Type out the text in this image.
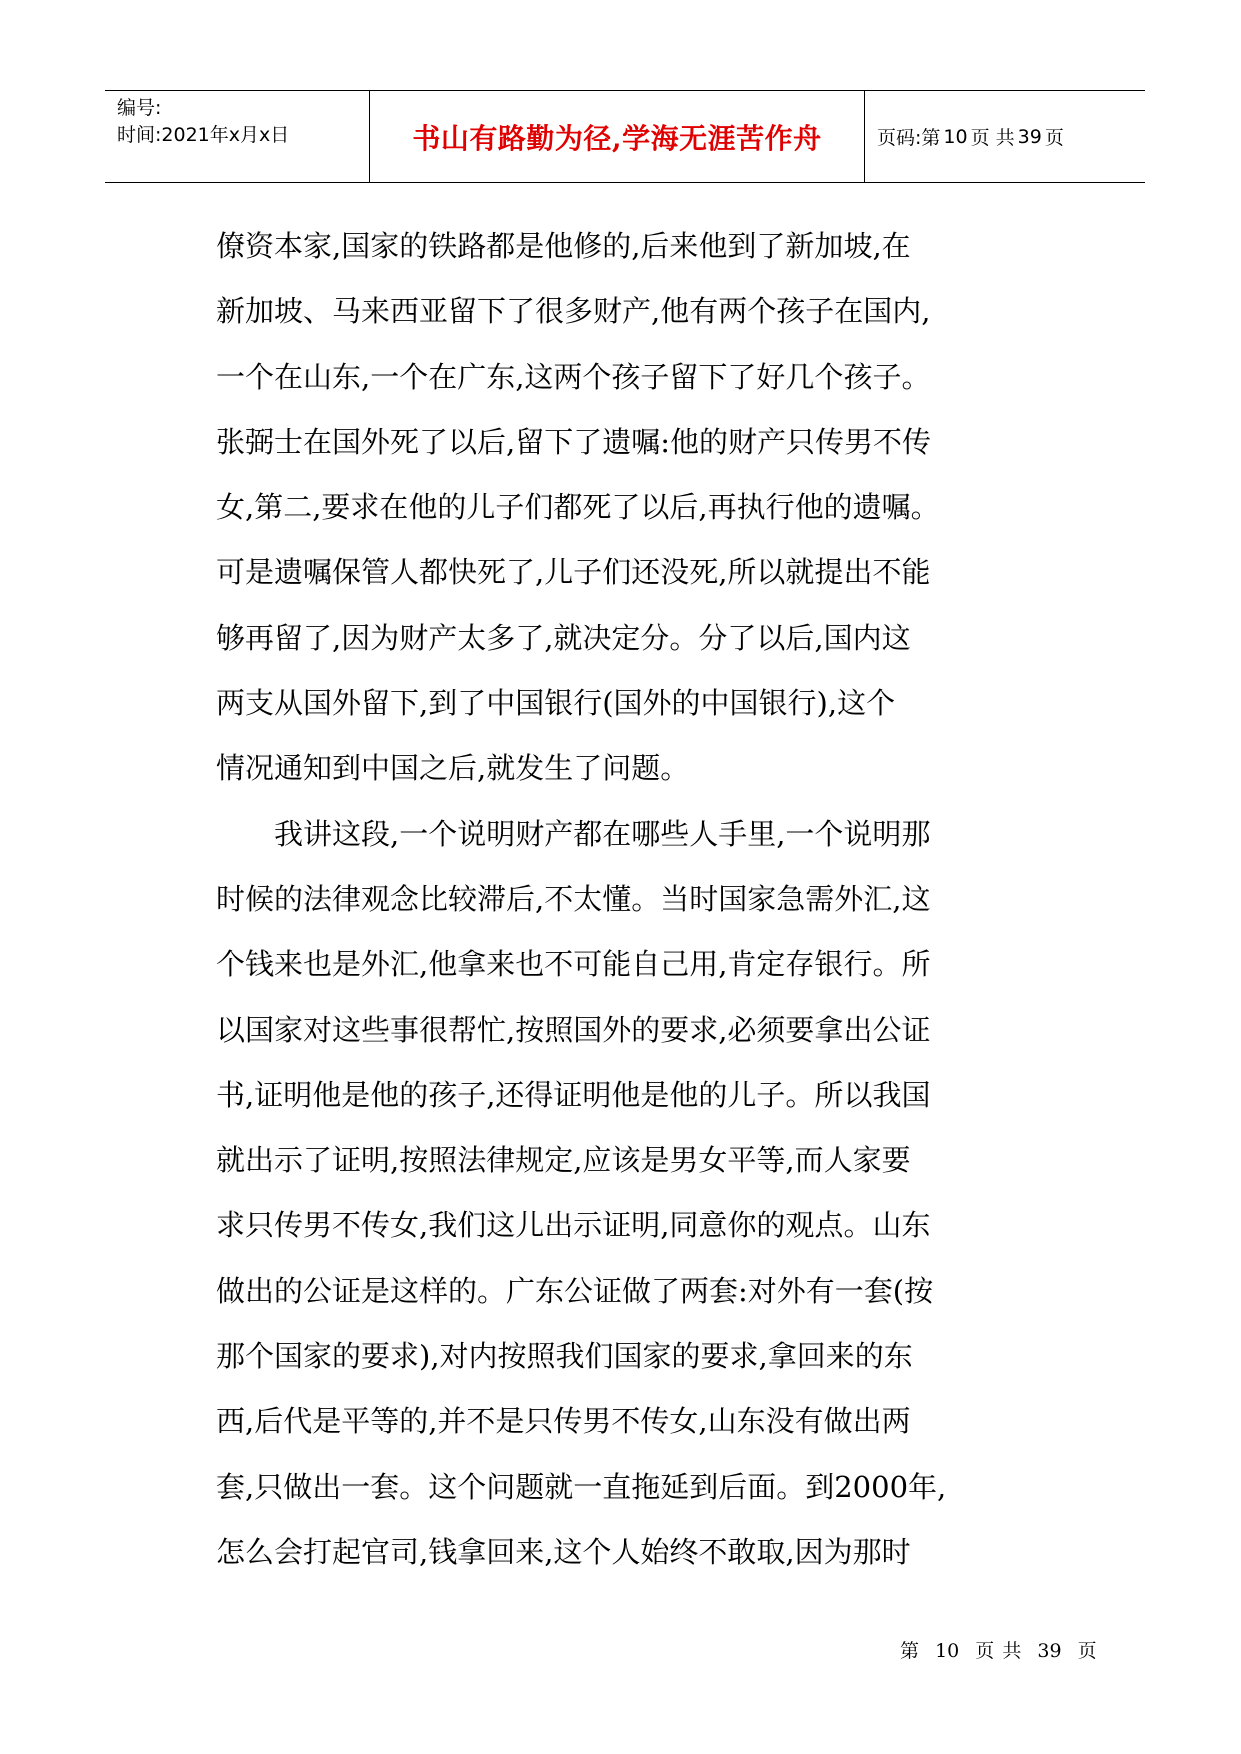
编号:
时间:2021年x月x日	书山有路勤为径,学海无涯苦作舟	页码:第 10 页 共 39 页
僚资本家,国家的铁路都是他修的,后来他到了新加坡,在
新加坡、马来西亚留下了很多财产,他有两个孩子在国内,
一个在山东,一个在广东,这两个孩子留下了好几个孩子。
张弼士在国外死了以后,留下了遗嘱:他的财产只传男不传
女,第二,要求在他的儿子们都死了以后,再执行他的遗嘱。
可是遗嘱保管人都快死了,儿子们还没死,所以就提出不能
够再留了,因为财产太多了,就决定分。分了以后,国内这
两支从国外留下,到了中国银行(国外的中国银行),这个
情况通知到中国之后,就发生了问题。
我讲这段,一个说明财产都在哪些人手里,一个说明那
时候的法律观念比较滞后,不太懂。当时国家急需外汇,这
个钱来也是外汇,他拿来也不可能自己用,肯定存银行。所
以国家对这些事很帮忙,按照国外的要求,必须要拿出公证
书,证明他是他的孩子,还得证明他是他的儿子。所以我国
就出示了证明,按照法律规定,应该是男女平等,而人家要
求只传男不传女,我们这儿出示证明,同意你的观点。山东
做出的公证是这样的。广东公证做了两套:对外有一套(按
那个国家的要求),对内按照我们国家的要求,拿回来的东
西,后代是平等的,并不是只传男不传女,山东没有做出两
套,只做出一套。这个问题就一直拖延到后面。到2000年,
怎么会打起官司,钱拿回来,这个人始终不敢取,因为那时
第 10 页 共 39 页
